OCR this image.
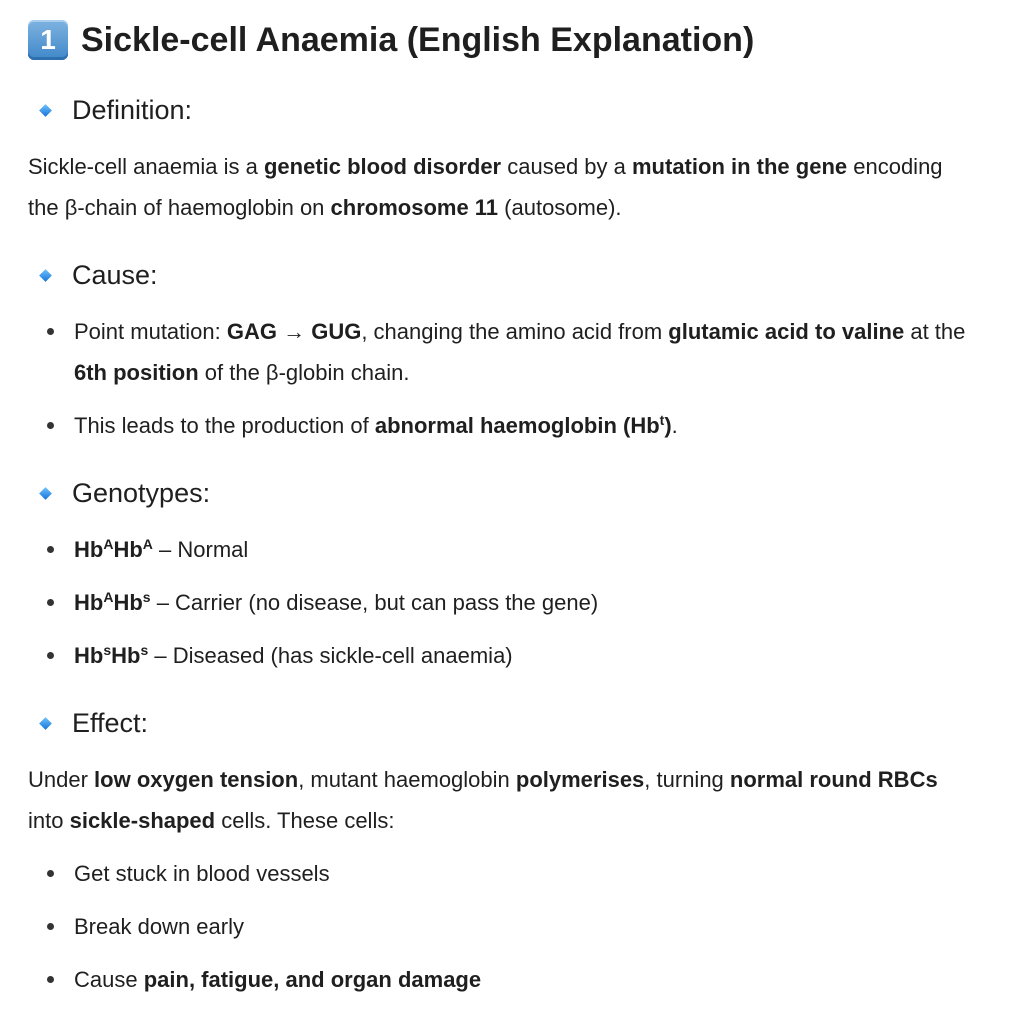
1 Sickle-cell Anaemia (English Explanation)
Definition:

Sickle-cell anaemia is a genetic blood disorder caused by a mutation in the gene encoding the β-chain of haemoglobin on chromosome 11 (autosome).

Cause:

Point mutation: GAG → GUG, changing the amino acid from glutamic acid to valine at the 6th position of the β-globin chain.

This leads to the production of abnormal haemoglobin (Hb$^t$).

Genotypes:

$Hb^AHb^A$ – Normal

$Hb^AHb^s$ – Carrier (no disease, but can pass the gene)

Hb$^s$Hb$^s$ – Diseased (has sickle-cell anaemia)

Effect:

Under low oxygen tension, mutant haemoglobin polymerises, turning normal round RBCs into sickle-shaped cells. These cells:

Get stuck in blood vessels

Break down early

Cause pain, fatigue, and organ damage
